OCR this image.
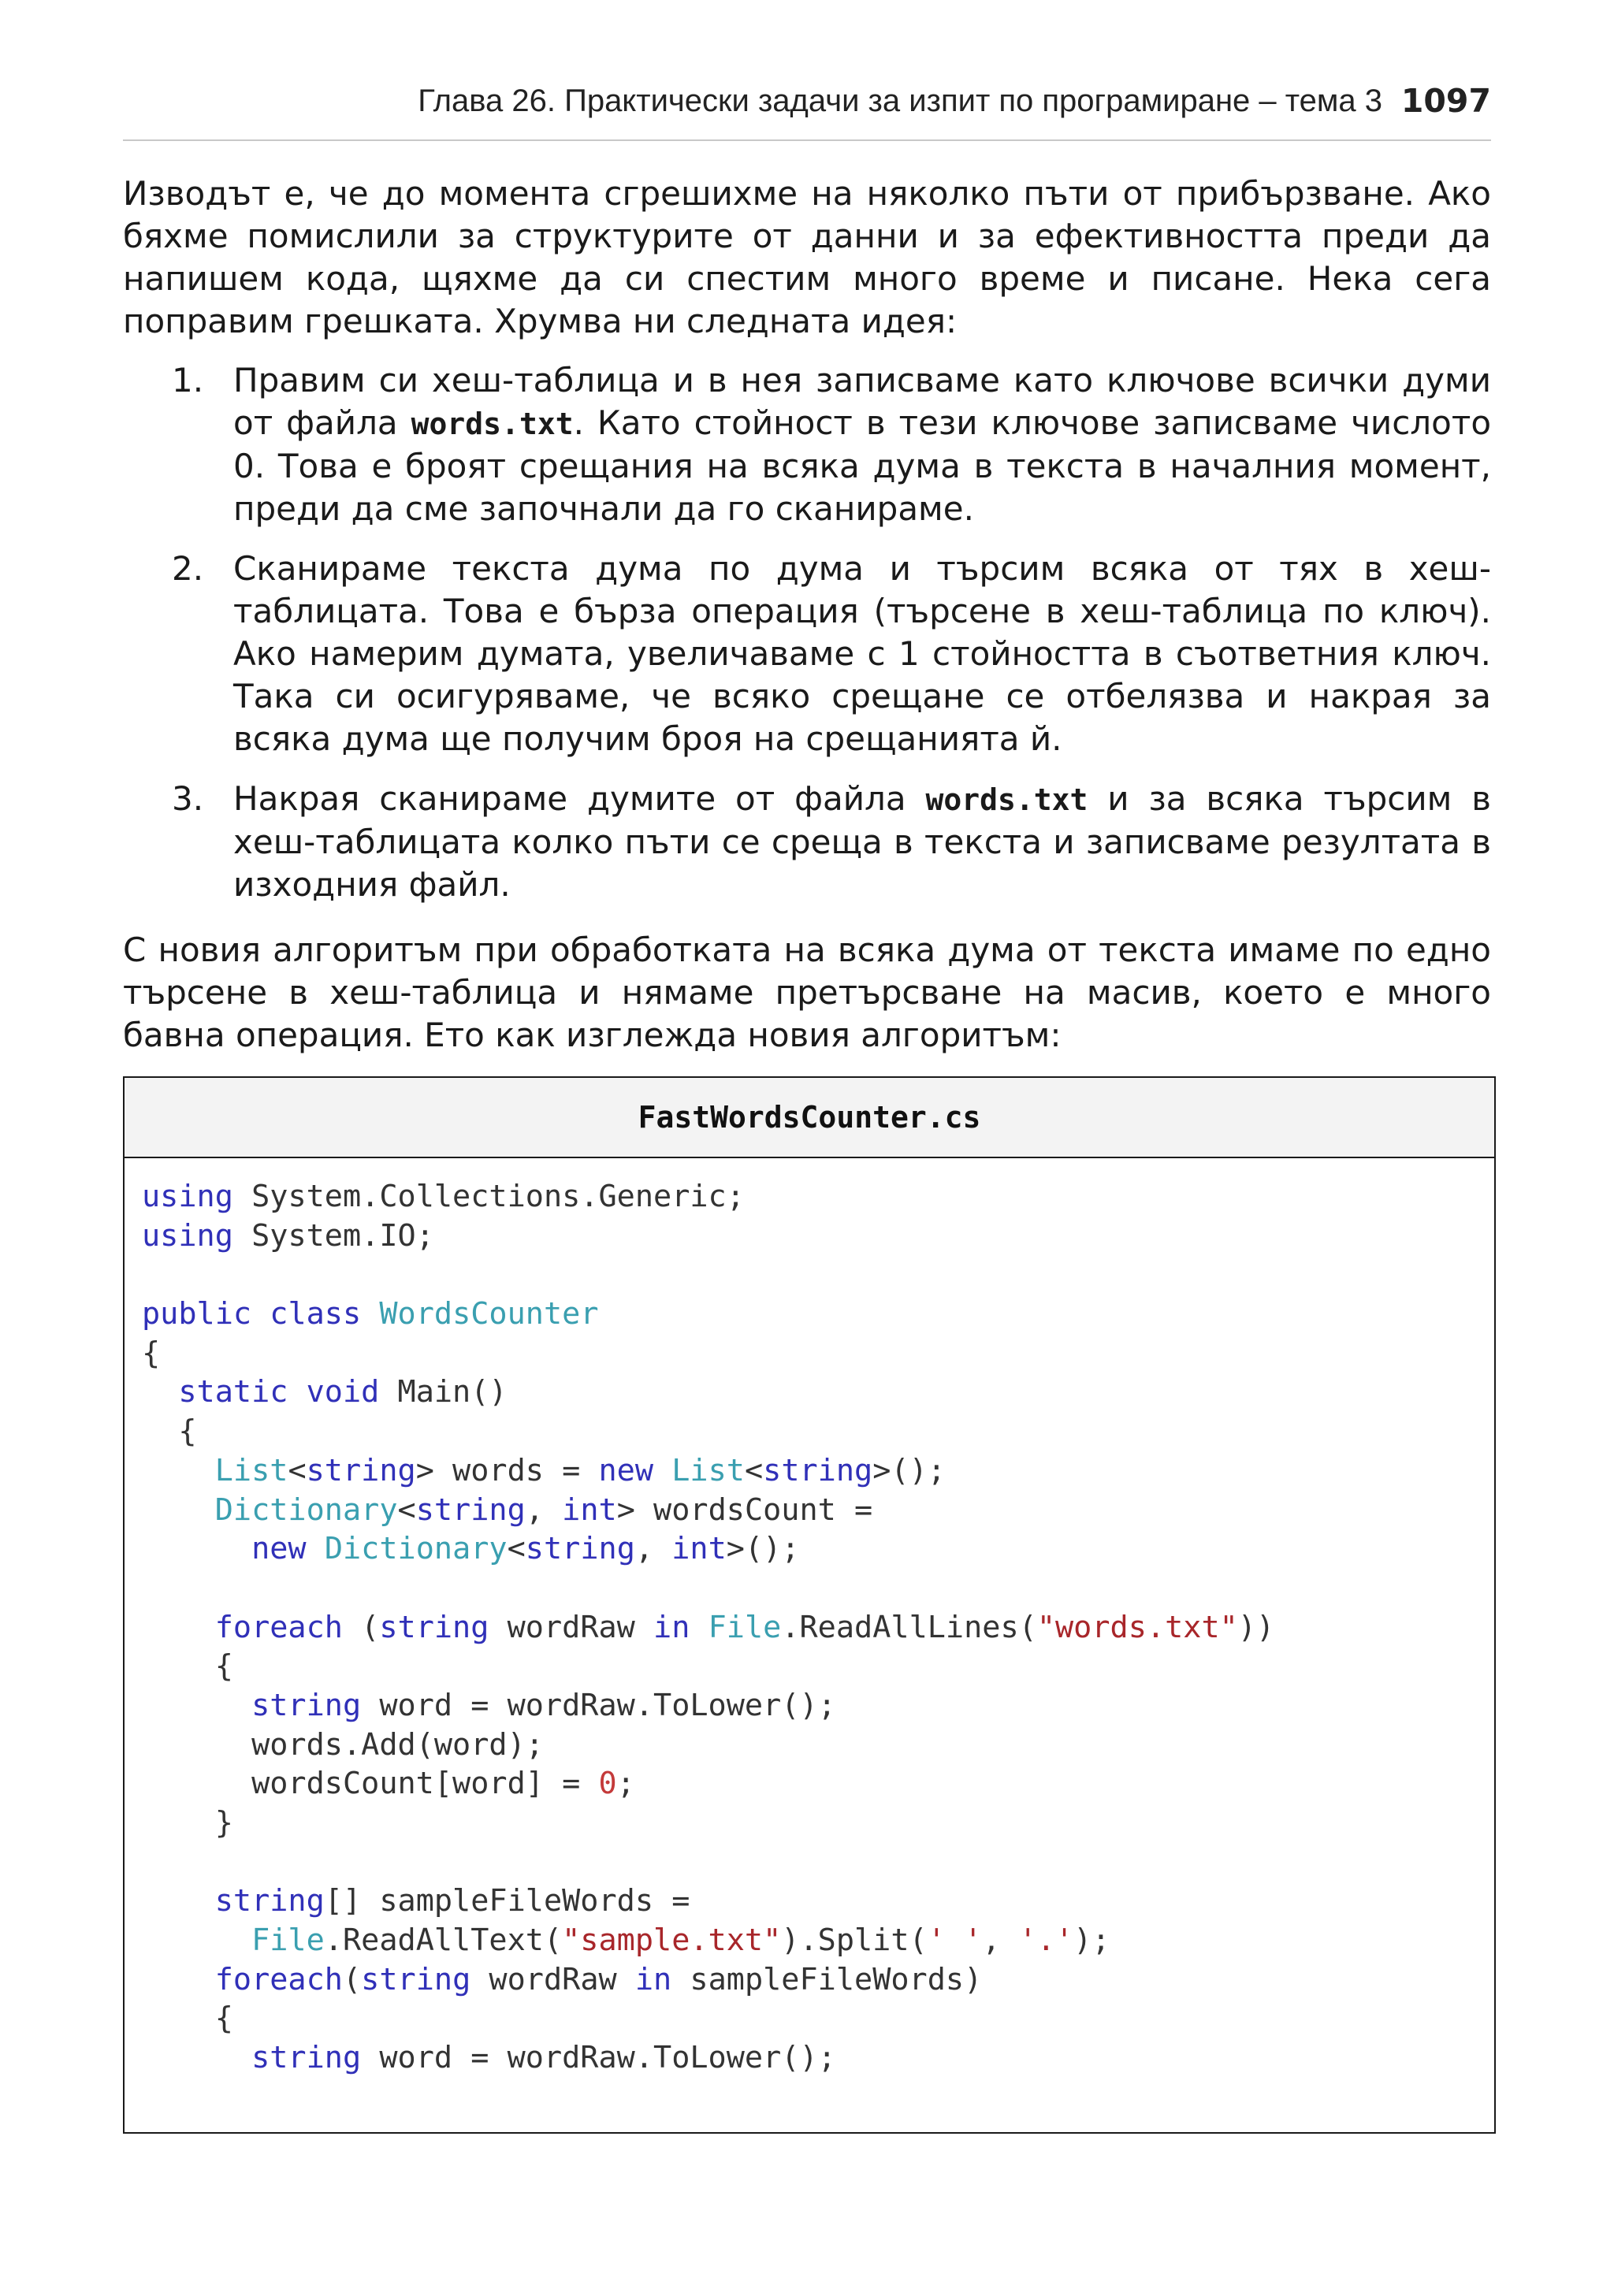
Глава 26. Практически задачи за изпит по програмиране – тема 3 1097

Изводът е, че до момента сгрешихме на няколко пъти от прибързване. Ако бяхме помислили за структурите от данни и за ефективността преди да напишем кода, щяхме да си спестим много време и писане. Нека сега поправим грешката. Хрумва ни следната идея:

1. Правим си хеш-таблица и в нея записваме като ключове всички думи от файла words.txt. Като стойност в тези ключове записваме числото 0. Това е броят срещания на всяка дума в текста в началния момент, преди да сме започнали да го сканираме.
2. Сканираме текста дума по дума и търсим всяка от тях в хеш-таблицата. Това е бърза операция (търсене в хеш-таблица по ключ). Ако намерим думата, увеличаваме с 1 стойността в съответния ключ. Така си осигуряваме, че всяко срещане се отбелязва и накрая за всяка дума ще получим броя на срещанията й.
3. Накрая сканираме думите от файла words.txt и за всяка търсим в хеш-таблицата колко пъти се среща в текста и записваме резултата в изходния файл.

С новия алгоритъм при обработката на всяка дума от текста имаме по едно търсене в хеш-таблица и нямаме претърсване на масив, което е много бавна операция. Ето как изглежда новия алгоритъм:

FastWordsCounter.cs
using System.Collections.Generic;
using System.IO;

public class WordsCounter
{
static void Main()
{
List<string> words = new List<string>();
Dictionary<string, int> wordsCount =
new Dictionary<string, int>();

foreach (string wordRaw in File.ReadAllLines("words.txt"))
{
string word = wordRaw.ToLower();
words.Add(word);
wordsCount[word] = 0;
}

string[] sampleFileWords =
File.ReadAllText("sample.txt").Split(' ', '.');
foreach(string wordRaw in sampleFileWords)
{
string word = wordRaw.ToLower();
